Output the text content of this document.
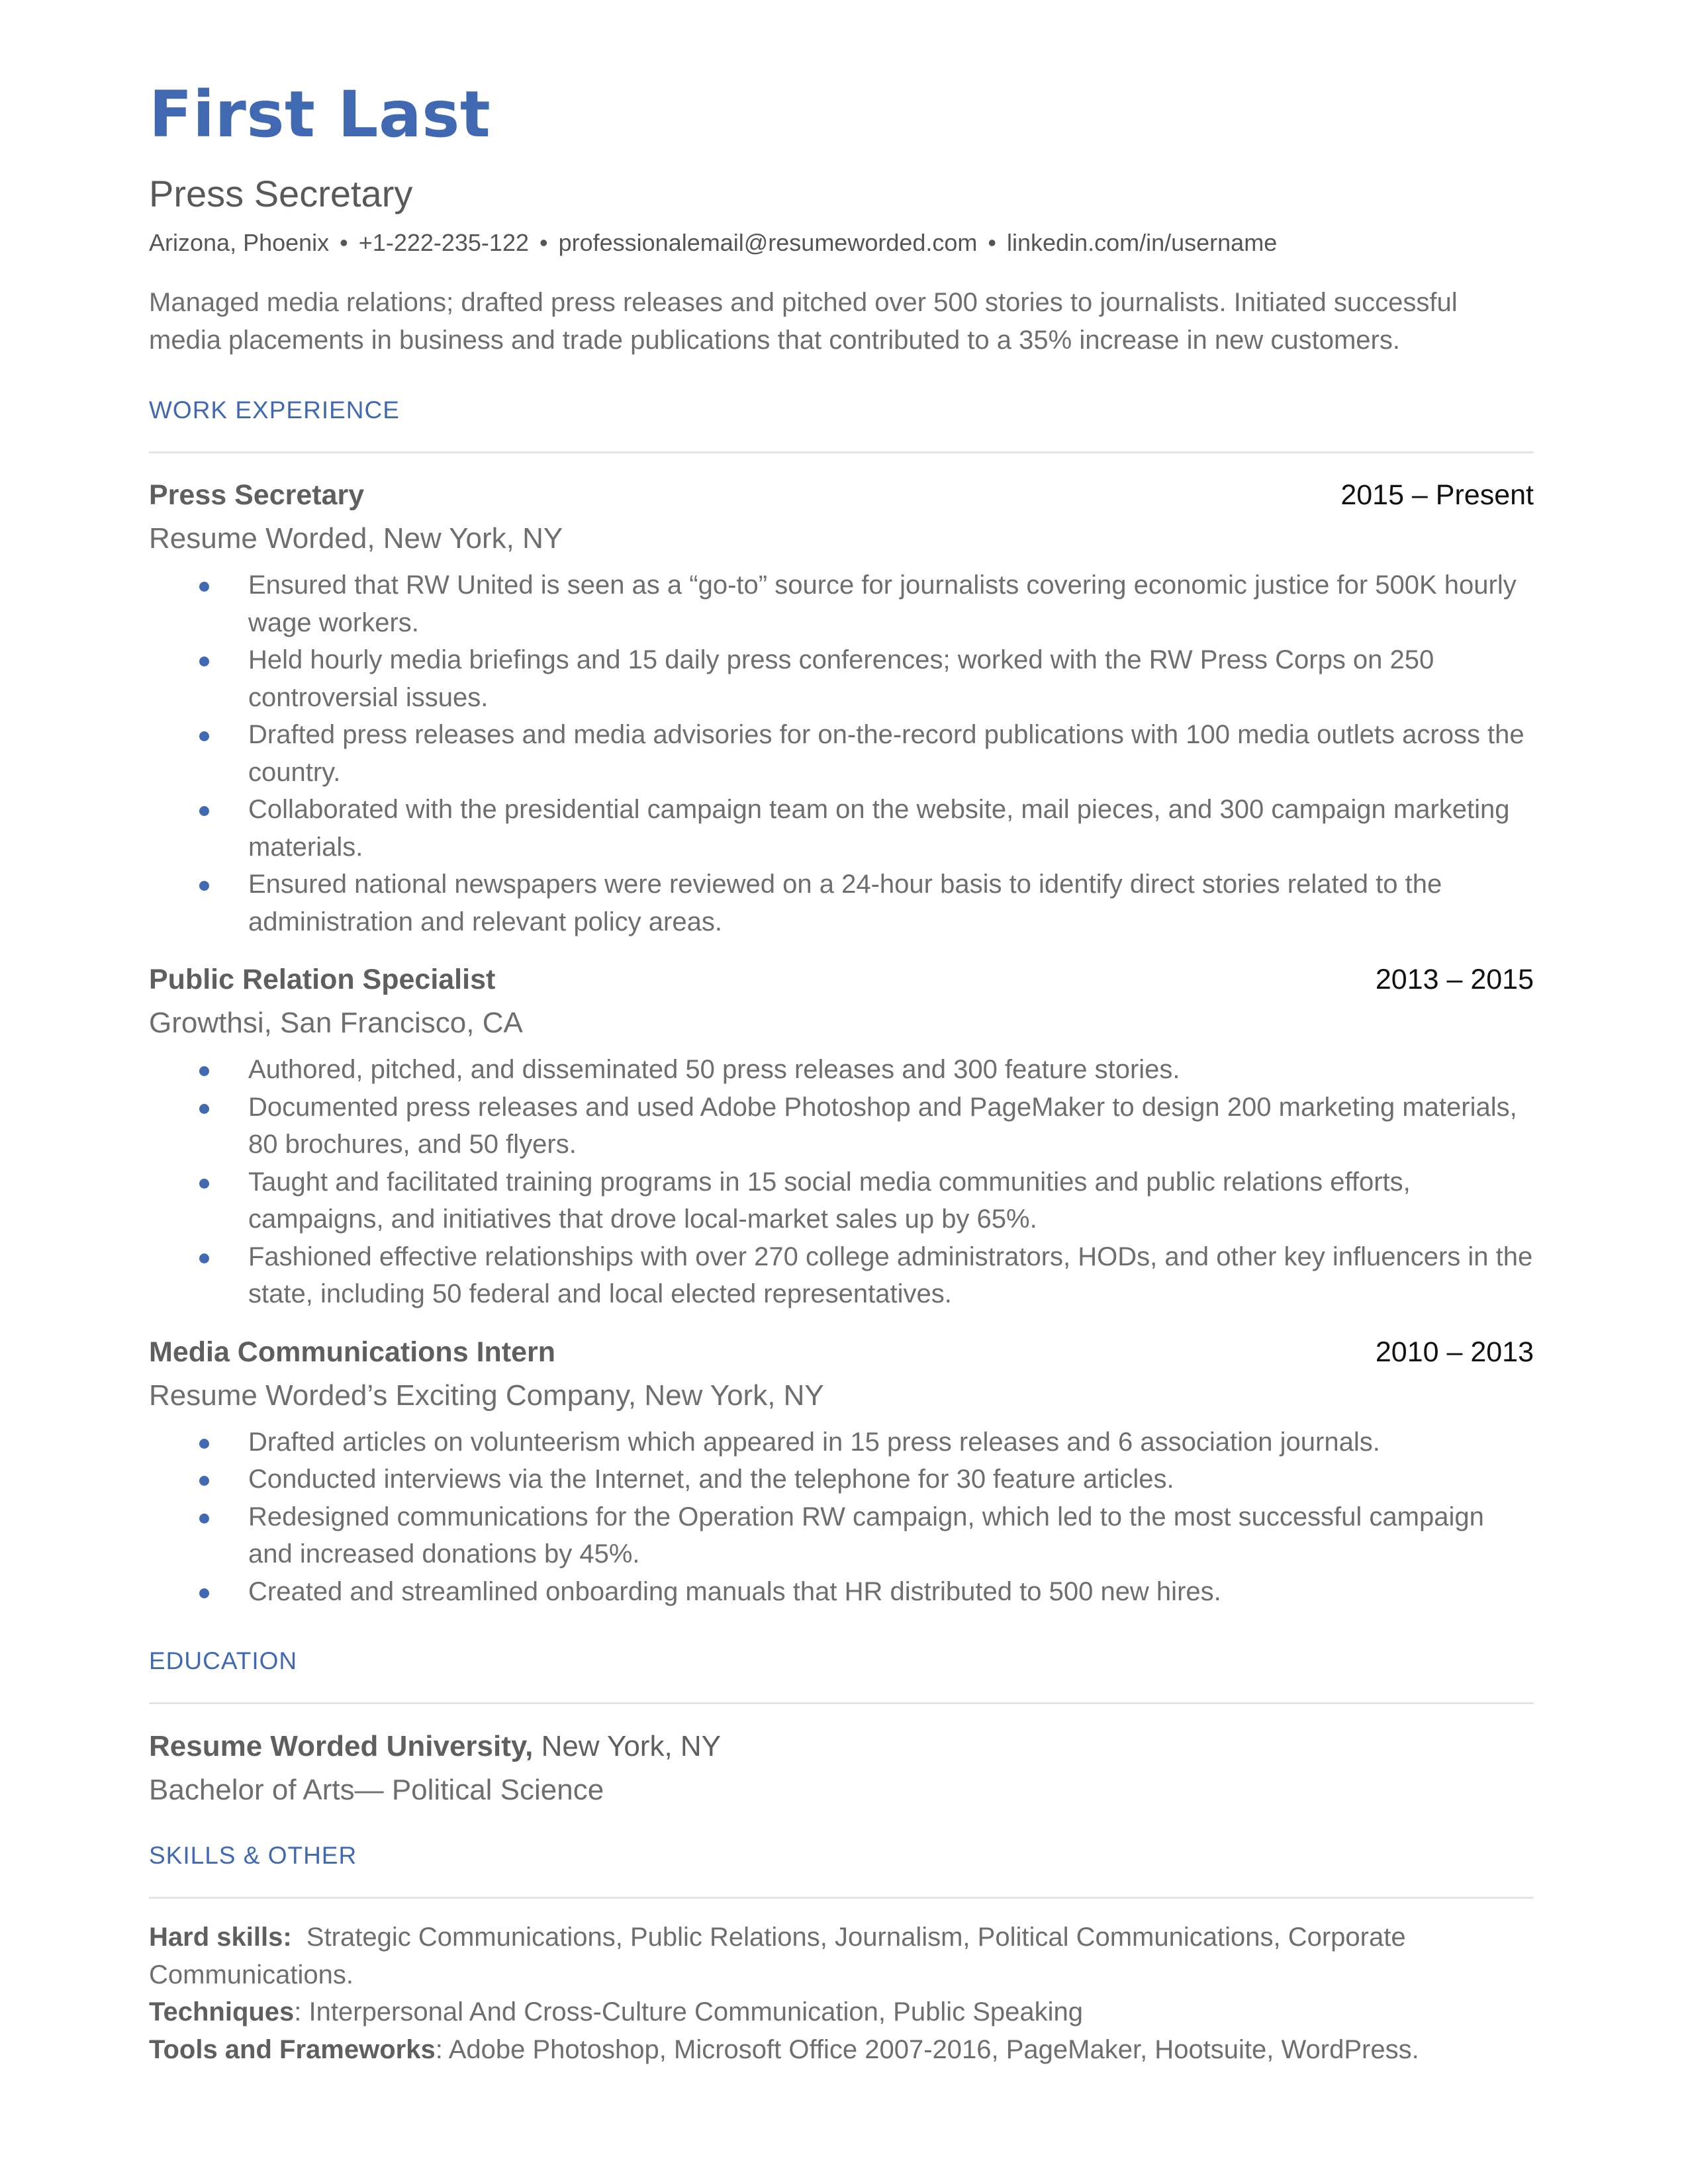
First Last
Press Secretary
Arizona, Phoenix • +1-222-235-122 • professionalemail@resumeworded.com • linkedin.com/in/username
Managed media relations; drafted press releases and pitched over 500 stories to journalists. Initiated successful media placements in business and trade publications that contributed to a 35% increase in new customers.
WORK EXPERIENCE
Press Secretary	2015 – Present
Resume Worded, New York, NY
Ensured that RW United is seen as a “go-to” source for journalists covering economic justice for 500K hourly wage workers.
Held hourly media briefings and 15 daily press conferences; worked with the RW Press Corps on 250 controversial issues.
Drafted press releases and media advisories for on-the-record publications with 100 media outlets across the country.
Collaborated with the presidential campaign team on the website, mail pieces, and 300 campaign marketing materials.
Ensured national newspapers were reviewed on a 24-hour basis to identify direct stories related to the administration and relevant policy areas.
Public Relation Specialist	2013 – 2015
Growthsi, San Francisco, CA
Authored, pitched, and disseminated 50 press releases and 300 feature stories.
Documented press releases and used Adobe Photoshop and PageMaker to design 200 marketing materials, 80 brochures, and 50 flyers.
Taught and facilitated training programs in 15 social media communities and public relations efforts, campaigns, and initiatives that drove local-market sales up by 65%.
Fashioned effective relationships with over 270 college administrators, HODs, and other key influencers in the state, including 50 federal and local elected representatives.
Media Communications Intern	2010 – 2013
Resume Worded’s Exciting Company, New York, NY
Drafted articles on volunteerism which appeared in 15 press releases and 6 association journals.
Conducted interviews via the Internet, and the telephone for 30 feature articles.
Redesigned communications for the Operation RW campaign, which led to the most successful campaign and increased donations by 45%.
Created and streamlined onboarding manuals that HR distributed to 500 new hires.
EDUCATION
Resume Worded University, New York, NY
Bachelor of Arts— Political Science
SKILLS & OTHER
Hard skills: Strategic Communications, Public Relations, Journalism, Political Communications, Corporate Communications.
Techniques: Interpersonal And Cross-Culture Communication, Public Speaking
Tools and Frameworks: Adobe Photoshop, Microsoft Office 2007-2016, PageMaker, Hootsuite, WordPress.
